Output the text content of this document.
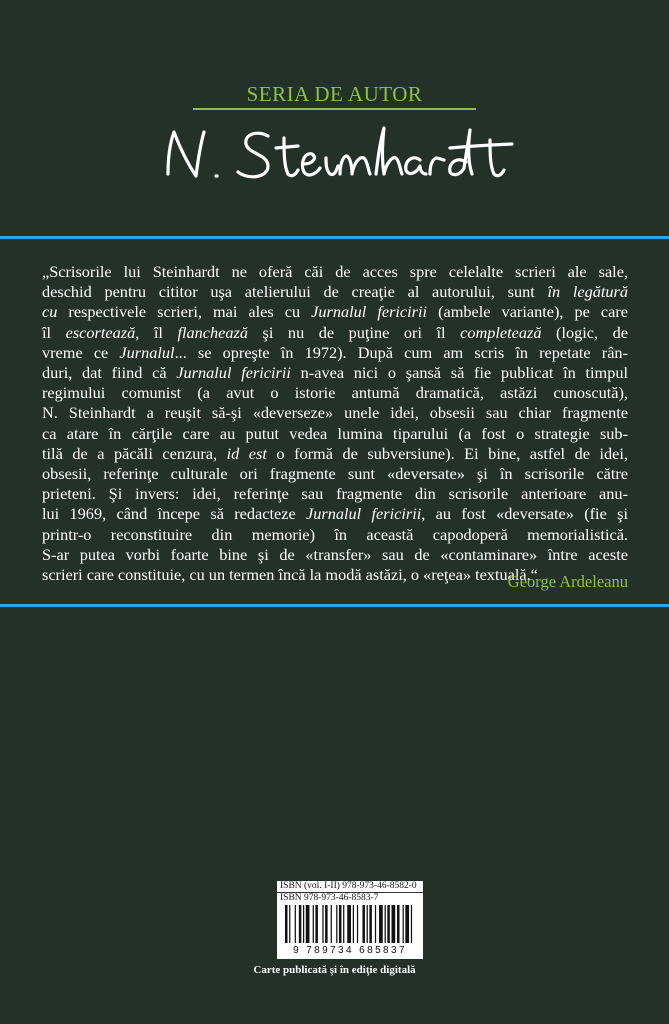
SERIA DE AUTOR
„Scrisorile lui Steinhardt ne oferă căi de acces spre celelalte scrieri ale sale,
deschid pentru cititor uşa atelierului de creaţie al autorului, sunt în legătură
cu respectivele scrieri, mai ales cu Jurnalul fericirii (ambele variante), pe care
îl escortează, îl flanchează şi nu de puţine ori îl completează (logic, de
vreme ce Jurnalul... se opreşte în 1972). După cum am scris în repetate rân-
duri, dat fiind că Jurnalul fericirii n-avea nici o şansă să fie publicat în timpul
regimului comunist (a avut o istorie antumă dramatică, astăzi cunoscută),
N. Steinhardt a reuşit să-şi «deverseze» unele idei, obsesii sau chiar fragmente
ca atare în cărţile care au putut vedea lumina tiparului (a fost o strategie sub-
tilă de a păcăli cenzura, id est o formă de subversiune). Ei bine, astfel de idei,
obsesii, referinţe culturale ori fragmente sunt «deversate» şi în scrisorile către
prieteni. Şi invers: idei, referinţe sau fragmente din scrisorile anterioare anu-
lui 1969, când începe să redacteze Jurnalul fericirii, au fost «deversate» (fie şi
printr-o reconstituire din memorie) în această capodoperă memorialistică.
S-ar putea vorbi foarte bine şi de «transfer» sau de «contaminare» între aceste
scrieri care constituie, cu un termen încă la modă astăzi, o «reţea» textuală.“
George Ardeleanu
ISBN (vol. I-II) 978-973-46-8582-0
ISBN 978-973-46-8583-7
9 789734 685837
Carte publicată şi în ediţie digitală
